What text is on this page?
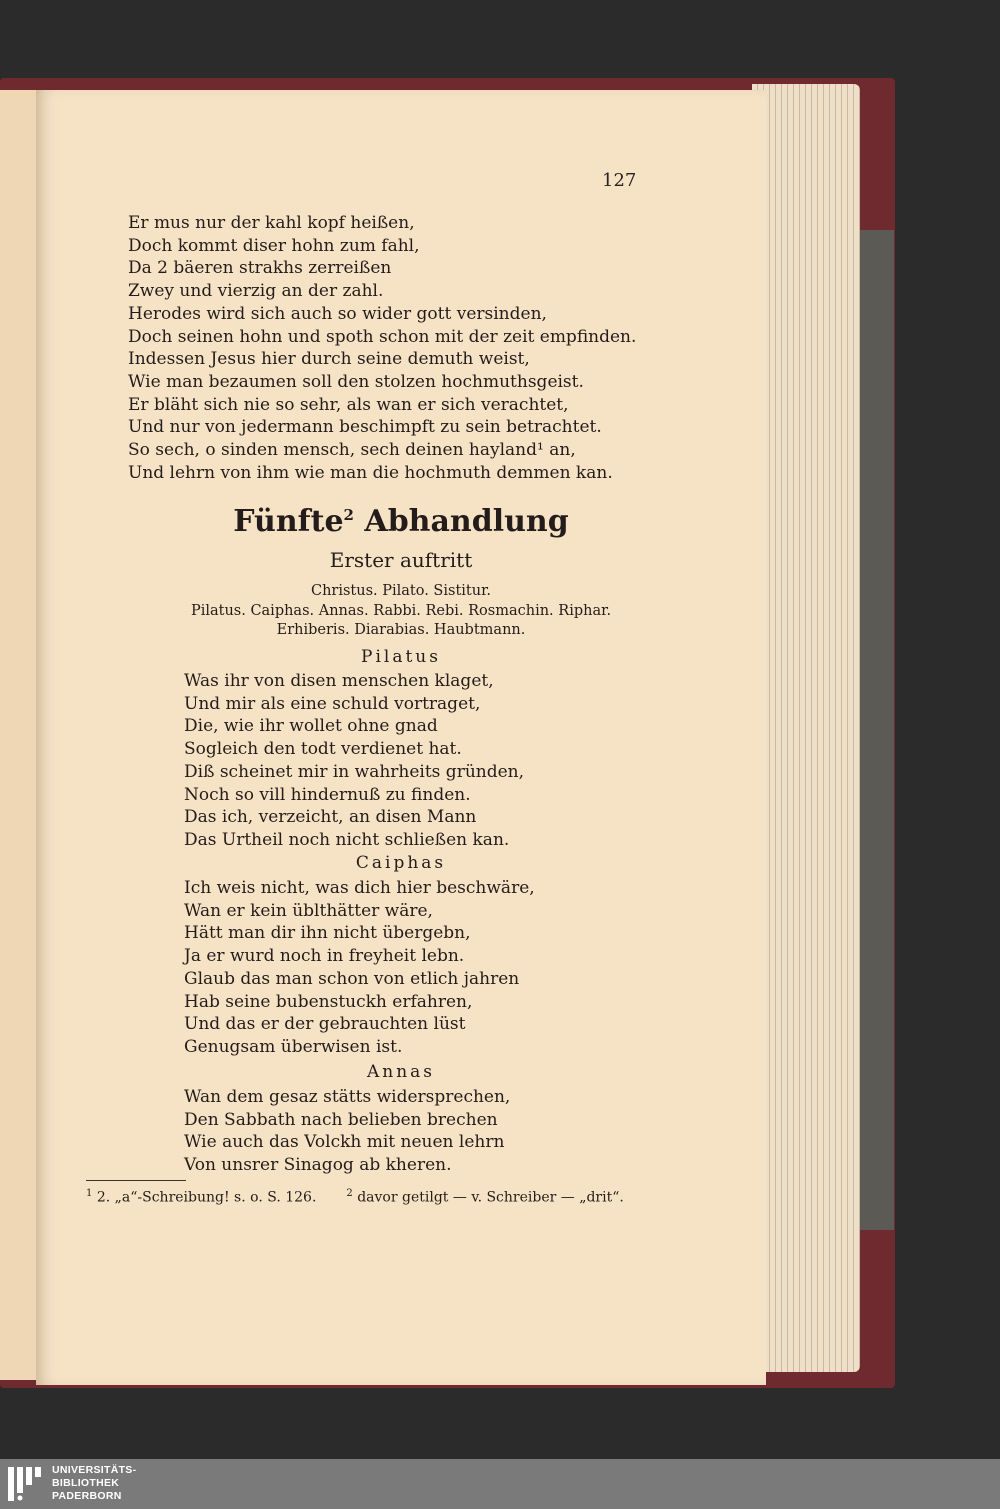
127
Er mus nur der kahl kopf heißen,
Doch kommt diser hohn zum fahl,
Da 2 bäeren strakhs zerreißen
Zwey und vierzig an der zahl.
Herodes wird sich auch so wider gott versinden,
Doch seinen hohn und spoth schon mit der zeit empfinden.
Indessen Jesus hier durch seine demuth weist,
Wie man bezaumen soll den stolzen hochmuthsgeist.
Er bläht sich nie so sehr, als wan er sich verachtet,
Und nur von jedermann beschimpft zu sein betrachtet.
So sech, o sinden mensch, sech deinen hayland¹ an,
Und lehrn von ihm wie man die hochmuth demmen kan.
Fünfte$^2$ Abhandlung
Erster auftritt
Christus. Pilato. Sistitur.
Pilatus. Caiphas. Annas. Rabbi. Rebi. Rosmachin. Riphar.
Erhiberis. Diarabias. Haubtmann.
Pilatus
Was ihr von disen menschen klaget,
Und mir als eine schuld vortraget,
Die, wie ihr wollet ohne gnad
Sogleich den todt verdienet hat.
Diß scheinet mir in wahrheits gründen,
Noch so vill hindernuß zu finden.
Das ich, verzeicht, an disen Mann
Das Urtheil noch nicht schließen kan.
Caiphas
Ich weis nicht, was dich hier beschwäre,
Wan er kein üblthätter wäre,
Hätt man dir ihn nicht übergebn,
Ja er wurd noch in freyheit lebn.
Glaub das man schon von etlich jahren
Hab seine bubenstuckh erfahren,
Und das er der gebrauchten lüst
Genugsam überwisen ist.
Annas
Wan dem gesaz stätts widersprechen,
Den Sabbath nach belieben brechen
Wie auch das Volckh mit neuen lehrn
Von unsrer Sinagog ab kheren.
$^1$ 2. „a“-Schreibung! s. o. S. 126.	$^2$ davor getilgt — v. Schreiber — „drit“.
UNIVERSITÄTS-
BIBLIOTHEK
PADERBORN
